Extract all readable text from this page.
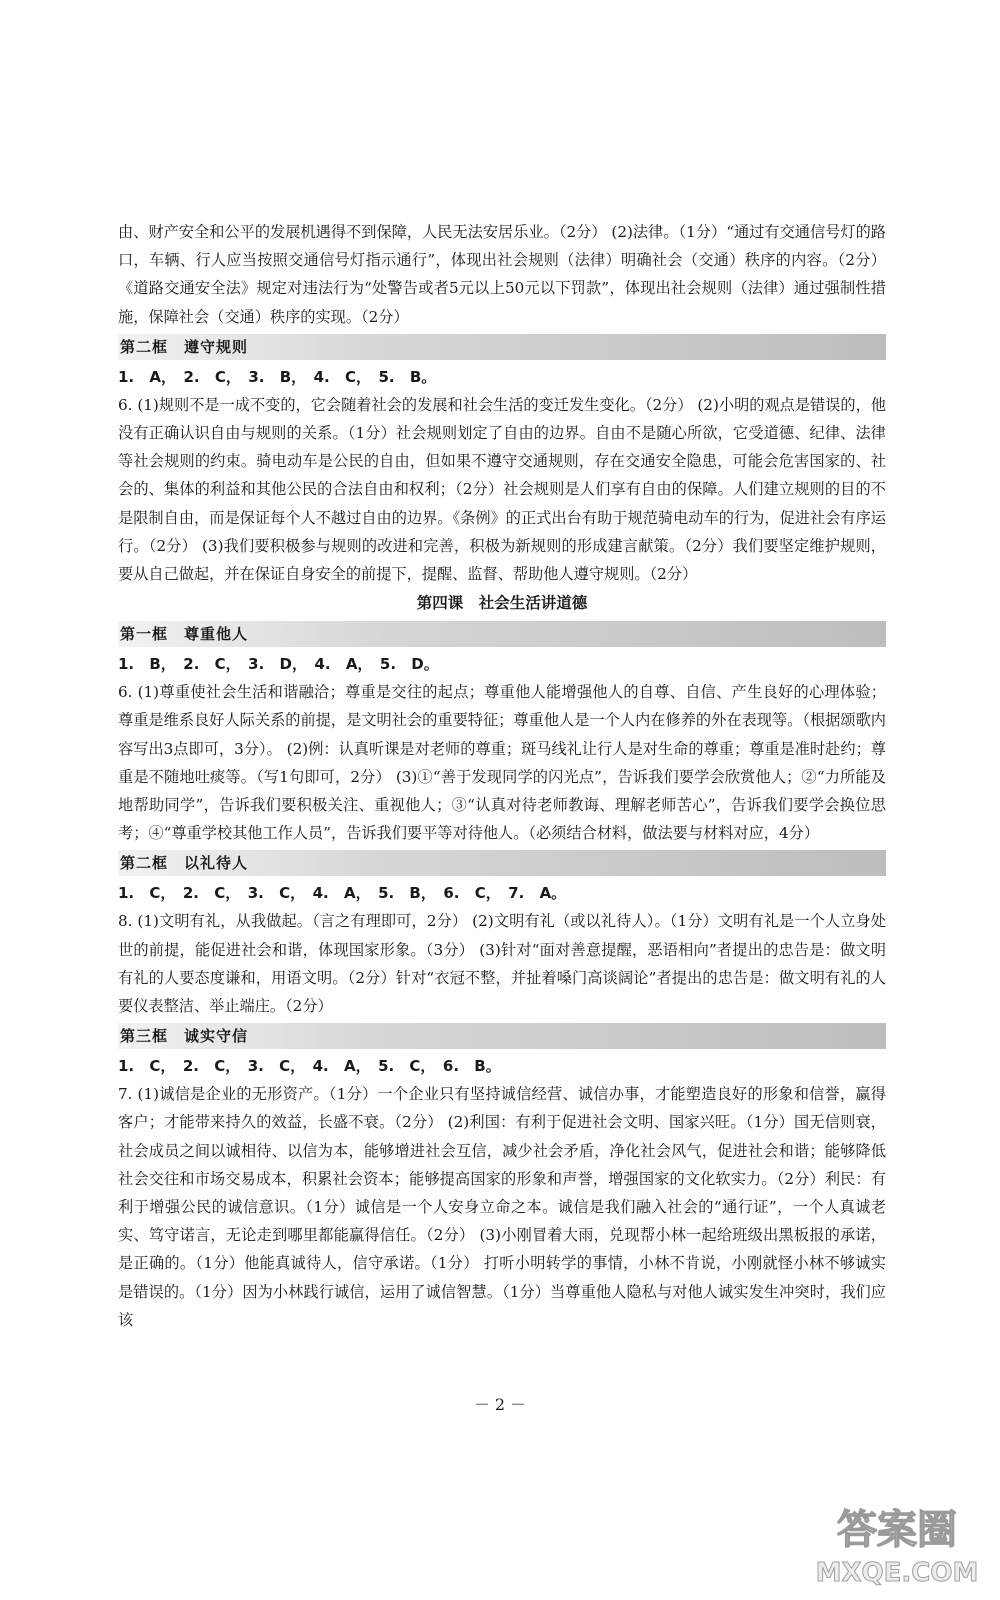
由、财产安全和公平的发展机遇得不到保障，人民无法安居乐业。（2分） (2)法律。（1分）“通过有交通信号灯的路口，车辆、行人应当按照交通信号灯指示通行”，体现出社会规则（法律）明确社会（交通）秩序的内容。（2分）《道路交通安全法》规定对违法行为“处警告或者5元以上50元以下罚款”，体现出社会规则（法律）通过强制性措施，保障社会（交通）秩序的实现。（2分）

第二框　遵守规则

1. A，　2. C，　3. B，　4. C，　5. B。

6. (1)规则不是一成不变的，它会随着社会的发展和社会生活的变迁发生变化。（2分） (2)小明的观点是错误的，他没有正确认识自由与规则的关系。（1分）社会规则划定了自由的边界。自由不是随心所欲，它受道德、纪律、法律等社会规则的约束。骑电动车是公民的自由，但如果不遵守交通规则，存在交通安全隐患，可能会危害国家的、社会的、集体的利益和其他公民的合法自由和权利；（2分）社会规则是人们享有自由的保障。人们建立规则的目的不是限制自由，而是保证每个人不越过自由的边界。《条例》的正式出台有助于规范骑电动车的行为，促进社会有序运行。（2分） (3)我们要积极参与规则的改进和完善，积极为新规则的形成建言献策。（2分）我们要坚定维护规则，要从自己做起，并在保证自身安全的前提下，提醒、监督、帮助他人遵守规则。（2分）

第四课　社会生活讲道德

第一框　尊重他人

1. B，　2. C，　3. D，　4. A，　5. D。

6. (1)尊重使社会生活和谐融洽；尊重是交往的起点；尊重他人能增强他人的自尊、自信、产生良好的心理体验；尊重是维系良好人际关系的前提，是文明社会的重要特征；尊重他人是一个人内在修养的外在表现等。（根据颂歌内容写出3点即可，3分）。 (2)例：认真听课是对老师的尊重；斑马线礼让行人是对生命的尊重；尊重是准时赴约；尊重是不随地吐痰等。（写1句即可，2分） (3)①“善于发现同学的闪光点”，告诉我们要学会欣赏他人；②“力所能及地帮助同学”，告诉我们要积极关注、重视他人；③“认真对待老师教诲、理解老师苦心”，告诉我们要学会换位思考；④“尊重学校其他工作人员”，告诉我们要平等对待他人。（必须结合材料，做法要与材料对应，4分）

第二框　以礼待人

1. C，　2. C，　3. C，　4. A，　5. B，　6. C，　7. A。

8. (1)文明有礼，从我做起。（言之有理即可，2分） (2)文明有礼（或以礼待人）。（1分）文明有礼是一个人立身处世的前提，能促进社会和谐，体现国家形象。（3分） (3)针对“面对善意提醒，恶语相向”者提出的忠告是：做文明有礼的人要态度谦和，用语文明。（2分）针对“衣冠不整，并扯着嗓门高谈阔论”者提出的忠告是：做文明有礼的人要仪表整洁、举止端庄。（2分）

第三框　诚实守信

1. C，　2. C，　3. C，　4. A，　5. C，　6. B。

7. (1)诚信是企业的无形资产。（1分）一个企业只有坚持诚信经营、诚信办事，才能塑造良好的形象和信誉，赢得客户；才能带来持久的效益，长盛不衰。（2分） (2)利国：有利于促进社会文明、国家兴旺。（1分）国无信则衰，社会成员之间以诚相待、以信为本，能够增进社会互信，减少社会矛盾，净化社会风气，促进社会和谐；能够降低社会交往和市场交易成本，积累社会资本；能够提高国家的形象和声誉，增强国家的文化软实力。（2分）利民：有利于增强公民的诚信意识。（1分）诚信是一个人安身立命之本。诚信是我们融入社会的“通行证”，一个人真诚老实、笃守诺言，无论走到哪里都能赢得信任。（2分） (3)小刚冒着大雨，兑现帮小林一起给班级出黑板报的承诺，是正确的。（1分）他能真诚待人，信守承诺。（1分） 打听小明转学的事情，小林不肯说，小刚就怪小林不够诚实是错误的。（1分）因为小林践行诚信，运用了诚信智慧。（1分）当尊重他人隐私与对他人诚实发生冲突时，我们应该

－ 2 －
答案圈
MXQE.COM
